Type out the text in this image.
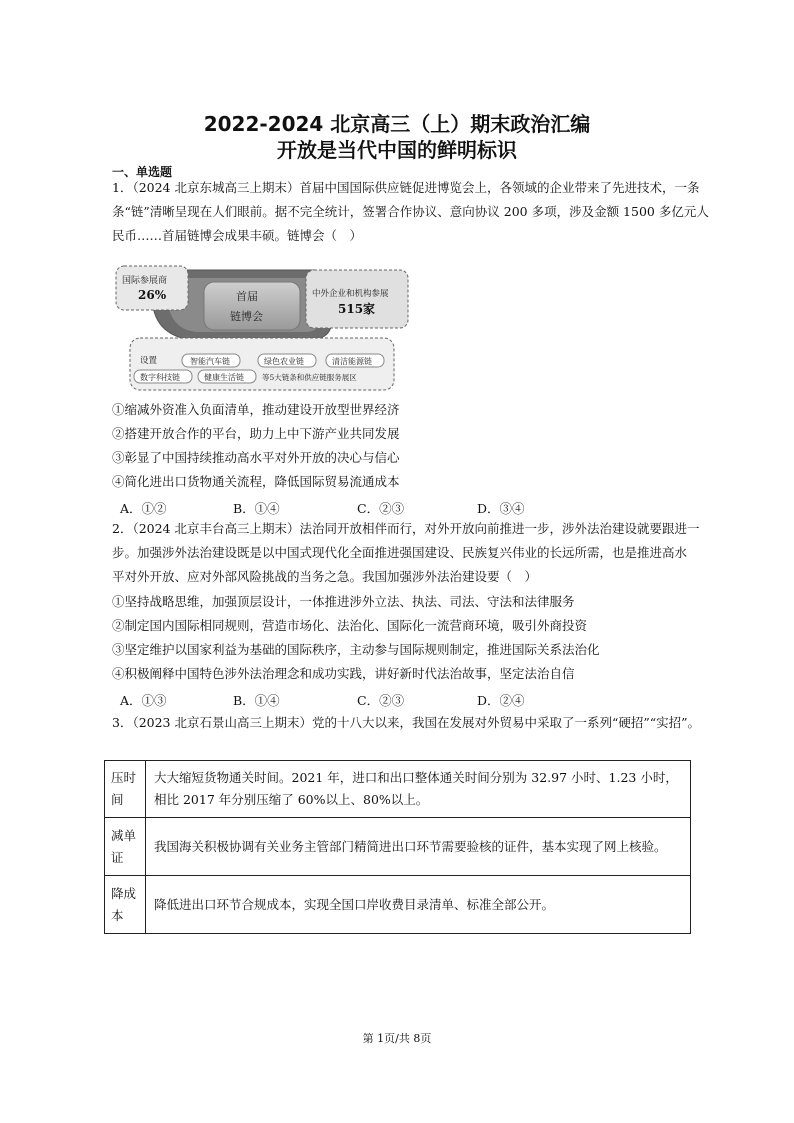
2022-2024 北京高三（上）期末政治汇编
开放是当代中国的鲜明标识
一、单选题
1．（2024 北京东城高三上期末）首届中国国际供应链促进博览会上，各领域的企业带来了先进技术，一条
条“链”清晰呈现在人们眼前。据不完全统计，签署合作协议、意向协议 200 多项，涉及金额 1500 多亿元人
民币……首届链博会成果丰硕。链博会（　）
国际参展商
26%	首届
链博会
中外企业和机构参展
515家
设置	智能汽车链	绿色农业链	清洁能源链
数字科技链	健康生活链 等5大链条和供应链服务展区
①缩减外资准入负面清单，推动建设开放型世界经济
②搭建开放合作的平台，助力上中下游产业共同发展
③彰显了中国持续推动高水平对外开放的决心与信心
④简化进出口货物通关流程，降低国际贸易流通成本
A．①②	B．①④	C．②③	D．③④
2．（2024 北京丰台高三上期末）法治同开放相伴而行，对外开放向前推进一步，涉外法治建设就要跟进一
步。加强涉外法治建设既是以中国式现代化全面推进强国建设、民族复兴伟业的长远所需，也是推进高水
平对外开放、应对外部风险挑战的当务之急。我国加强涉外法治建设要（　）
①坚持战略思维，加强顶层设计，一体推进涉外立法、执法、司法、守法和法律服务
②制定国内国际相同规则，营造市场化、法治化、国际化一流营商环境，吸引外商投资
③坚定维护以国家利益为基础的国际秩序，主动参与国际规则制定，推进国际关系法治化
④积极阐释中国特色涉外法治理念和成功实践，讲好新时代法治故事，坚定法治自信
A．①③	B．①④	C．②③	D．②④
3．（2023 北京石景山高三上期末）党的十八大以来，我国在发展对外贸易中采取了一系列“硬招”“实招”。
压时间	大大缩短货物通关时间。2021 年，进口和出口整体通关时间分别为 32.97 小时、1.23 小时，相比 2017 年分别压缩了 60%以上、80%以上。
减单证	我国海关积极协调有关业务主管部门精简进出口环节需要验核的证件，基本实现了网上核验。
降成本	降低进出口环节合规成本，实现全国口岸收费目录清单、标准全部公开。
第 1页/共 8页
